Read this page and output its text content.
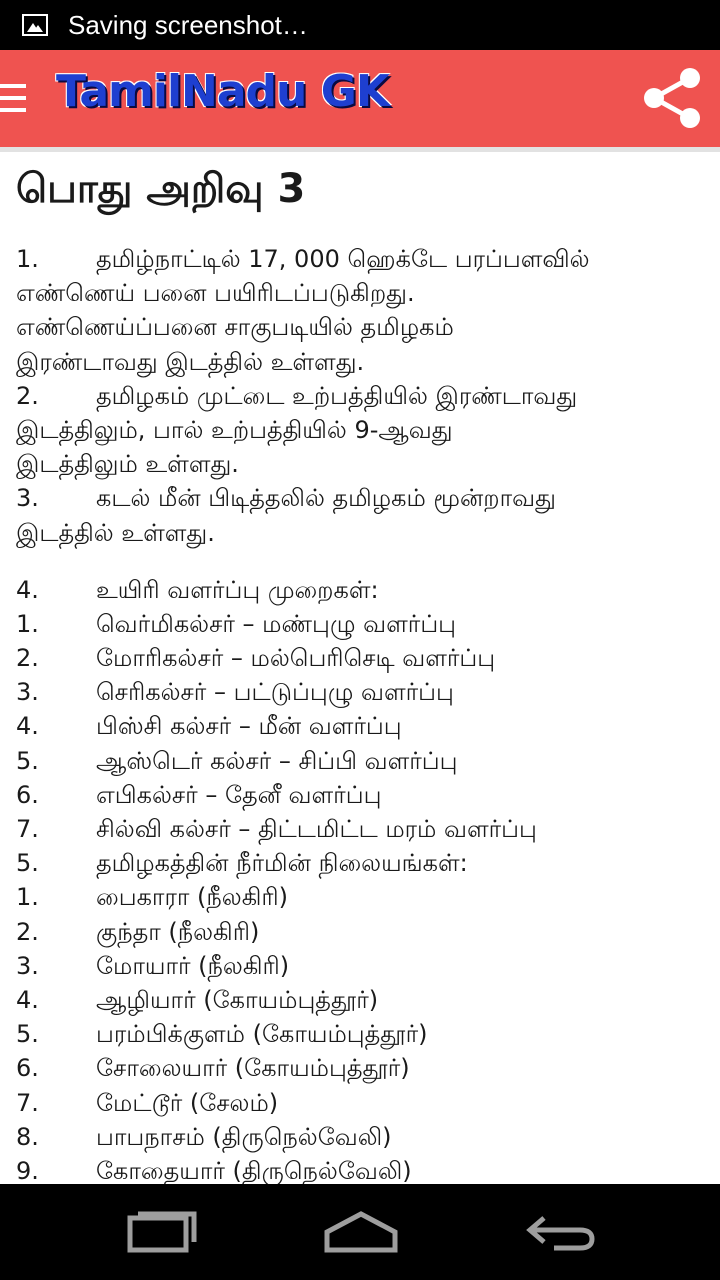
Saving screenshot…
TamilNadu GK
பொது அறிவு 3
1. தமிழ்நாட்டில் 17, 000 ஹெக்டே பரப்பளவில்
எண்ணெய் பனை பயிரிடப்படுகிறது.
எண்ணெய்ப்பனை சாகுபடியில் தமிழகம்
இரண்டாவது இடத்தில் உள்ளது.
2. தமிழகம் முட்டை உற்பத்தியில் இரண்டாவது
இடத்திலும், பால் உற்பத்தியில் 9-ஆவது
இடத்திலும் உள்ளது.
3. கடல் மீன் பிடித்தலில் தமிழகம் மூன்றாவது
இடத்தில் உள்ளது.
4. உயிரி வளர்ப்பு முறைகள்:
1. வெர்மிகல்சர் – மண்புழு வளர்ப்பு
2. மோரிகல்சர் – மல்பெரிசெடி வளர்ப்பு
3. செரிகல்சர் – பட்டுப்புழு வளர்ப்பு
4. பிஸ்சி கல்சர் – மீன் வளர்ப்பு
5. ஆஸ்டெர் கல்சர் – சிப்பி வளர்ப்பு
6. எபிகல்சர் – தேனீ வளர்ப்பு
7. சில்வி கல்சர் – திட்டமிட்ட மரம் வளர்ப்பு
5. தமிழகத்தின் நீர்மின் நிலையங்கள்:
1. பைகாரா (நீலகிரி)
2. குந்தா (நீலகிரி)
3. மோயார் (நீலகிரி)
4. ஆழியார் (கோயம்புத்தூர்)
5. பரம்பிக்குளம் (கோயம்புத்தூர்)
6. சோலையார் (கோயம்புத்தூர்)
7. மேட்டூர் (சேலம்)
8. பாபநாசம் (திருநெல்வேலி)
9. கோதையார் (திருநெல்வேலி)
